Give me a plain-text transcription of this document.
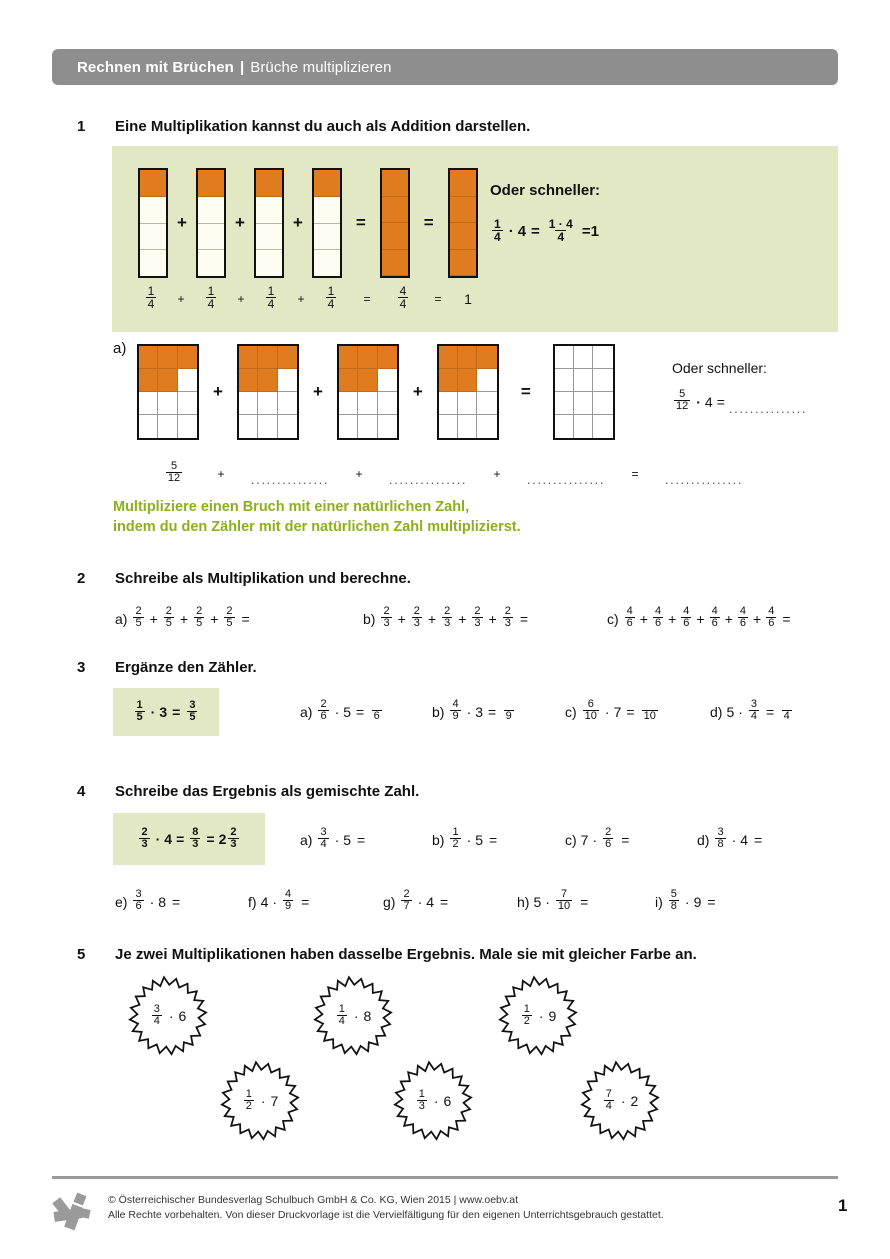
Rechnen mit Brüchen | Brüche multiplizieren
1 Eine Multiplikation kannst du auch als Addition darstellen.
+	+	+	=	=
$\frac{1}{4}$	+	$\frac{1}{4}$	+	$\frac{1}{4}$	+	$\frac{1}{4}$	=	$\frac{4}{4}$	=	1
Oder schneller:
$\frac{1}{4} \cdot 4 = \frac{1 \cdot 4}{4} = 1$
a)
+	+	+	=
Oder schneller:
$\frac{5}{12} \cdot 4$ = ...............
$\frac{5}{12}$	+	...............	+	...............	+	...............	=	...............
Multipliziere einen Bruch mit einer natürlichen Zahl,
indem du den Zähler mit der natürlichen Zahl multiplizierst.
2 Schreibe als Multiplikation und berechne.
$a) \frac{2}{5} + \frac{2}{5} + \frac{2}{5} + \frac{2}{5}$ =	$b) \frac{2}{3} + \frac{2}{3} + \frac{2}{3} + \frac{2}{3} + \frac{2}{3}$ =	$c) \frac{4}{6} + \frac{4}{6} + \frac{4}{6} + \frac{4}{6} + \frac{4}{6} + \frac{4}{6}$ =
3 Ergänze den Zähler.
$\frac{1}{5} \cdot 3 = \frac{3}{5}$	$a) \frac{2}{6} \cdot 5$ =
6	$b) \frac{4}{9} \cdot 3$ =
9	$c) \frac{6}{10} \cdot 7$ =
10	d) $5 \cdot \frac{3}{4}$ =
4
4 Schreibe das Ergebnis als gemischte Zahl.
$\frac{2}{3} \cdot 4 = \frac{8}{3} = 2 \frac{2}{3}$	$a) \frac{3}{4} \cdot 5$ =	$b) \frac{1}{2} \cdot 5$ =	c) $7 \cdot \frac{2}{6}$ =	$d) \frac{3}{8} \cdot 4$ =
$e) \frac{3}{6} \cdot 8$ =	f) $4 \cdot \frac{4}{9}$ =	$g) \frac{2}{7} \cdot 4$ =	h) $5 \cdot \frac{7}{10}$ =	$i) \frac{5}{8} \cdot 9$ =
5 Je zwei Multiplikationen haben dasselbe Ergebnis. Male sie mit gleicher Farbe an.
$\frac{3}{4} \cdot 6$	$\frac{1}{4} \cdot 8$	$\frac{1}{2} \cdot 9$
$\frac{1}{2} \cdot 7$	$\frac{1}{3} \cdot 6$	$\frac{7}{4} \cdot 2$
© Österreichischer Bundesverlag Schulbuch GmbH & Co. KG, Wien 2015 | www.oebv.at
Alle Rechte vorbehalten. Von dieser Druckvorlage ist die Vervielfältigung für den eigenen Unterrichtsgebrauch gestattet.	1
